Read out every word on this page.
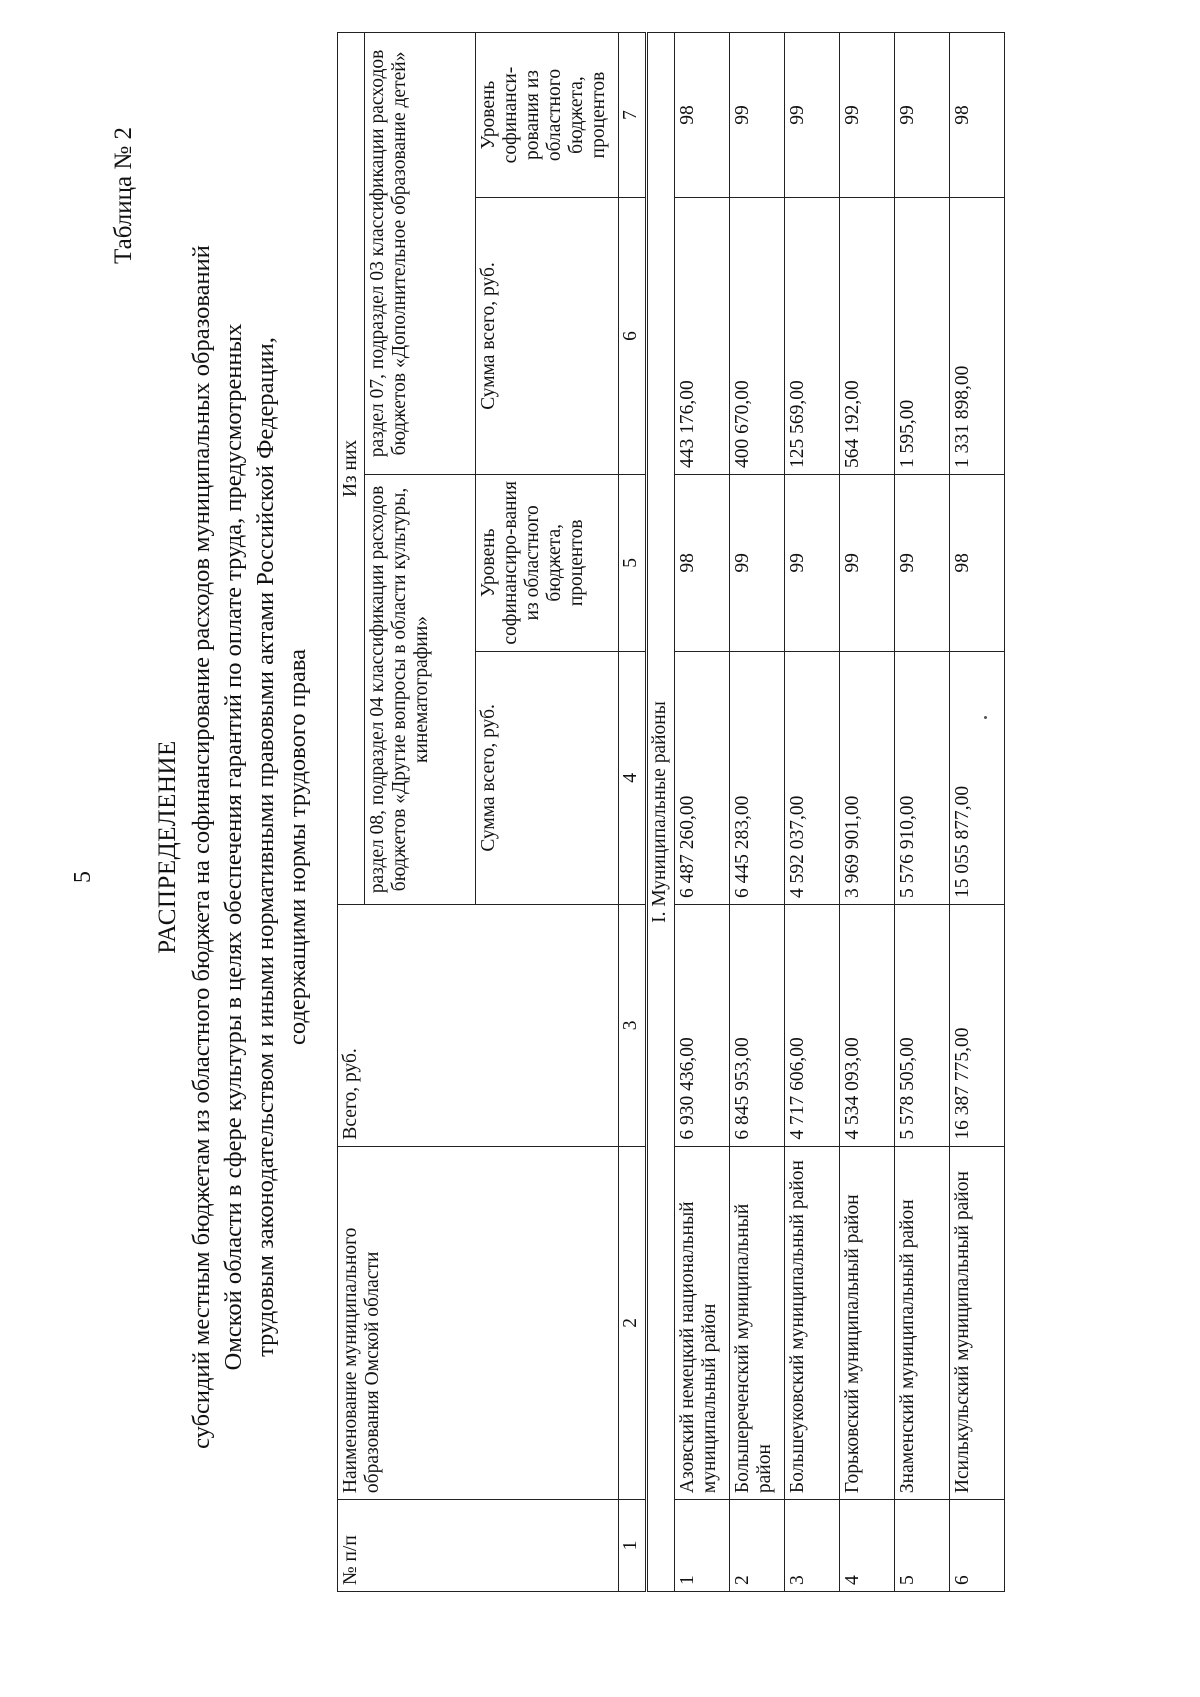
5
Таблица № 2
РАСПРЕДЕЛЕНИЕ
субсидий местным бюджетам из областного бюджета на софинансирование расходов муниципальных образований
Омской области в сфере культуры в целях обеспечения гарантий по оплате труда, предусмотренных
трудовым законодательством и иными нормативными правовыми актами Российской Федерации,
содержащими нормы трудового права
№ п/п	Наименование муниципального образования Омской области	Всего, руб.	Из них			
			раздел 08, подраздел 04 классификации расходов бюджетов «Другие вопросы в области культуры, кинематографии»		раздел 07, подраздел 03 классификации расходов бюджетов «Дополнительное образование детей»	
			Сумма всего, руб.	Уровень софинансиро-вания из областного бюджета, процентов	Сумма всего, руб.	Уровень софинанси-рования из областного бюджета, процентов
1	2	3	4	5	6	7
I. Муниципальные районы						
1	Азовский немецкий национальный муниципальный район	6 930 436,00	6 487 260,00	98	443 176,00	98
2	Большереченский муниципальный район	6 845 953,00	6 445 283,00	99	400 670,00	99
3	Большеуковский муниципальный район	4 717 606,00	4 592 037,00	99	125 569,00	99
4	Горьковский муниципальный район	4 534 093,00	3 969 901,00	99	564 192,00	99
5	Знаменский муниципальный район	5 578 505,00	5 576 910,00	99	1 595,00	99
6	Исилькульский муниципальный район	16 387 775,00	15 055 877,00	98	1 331 898,00	98
